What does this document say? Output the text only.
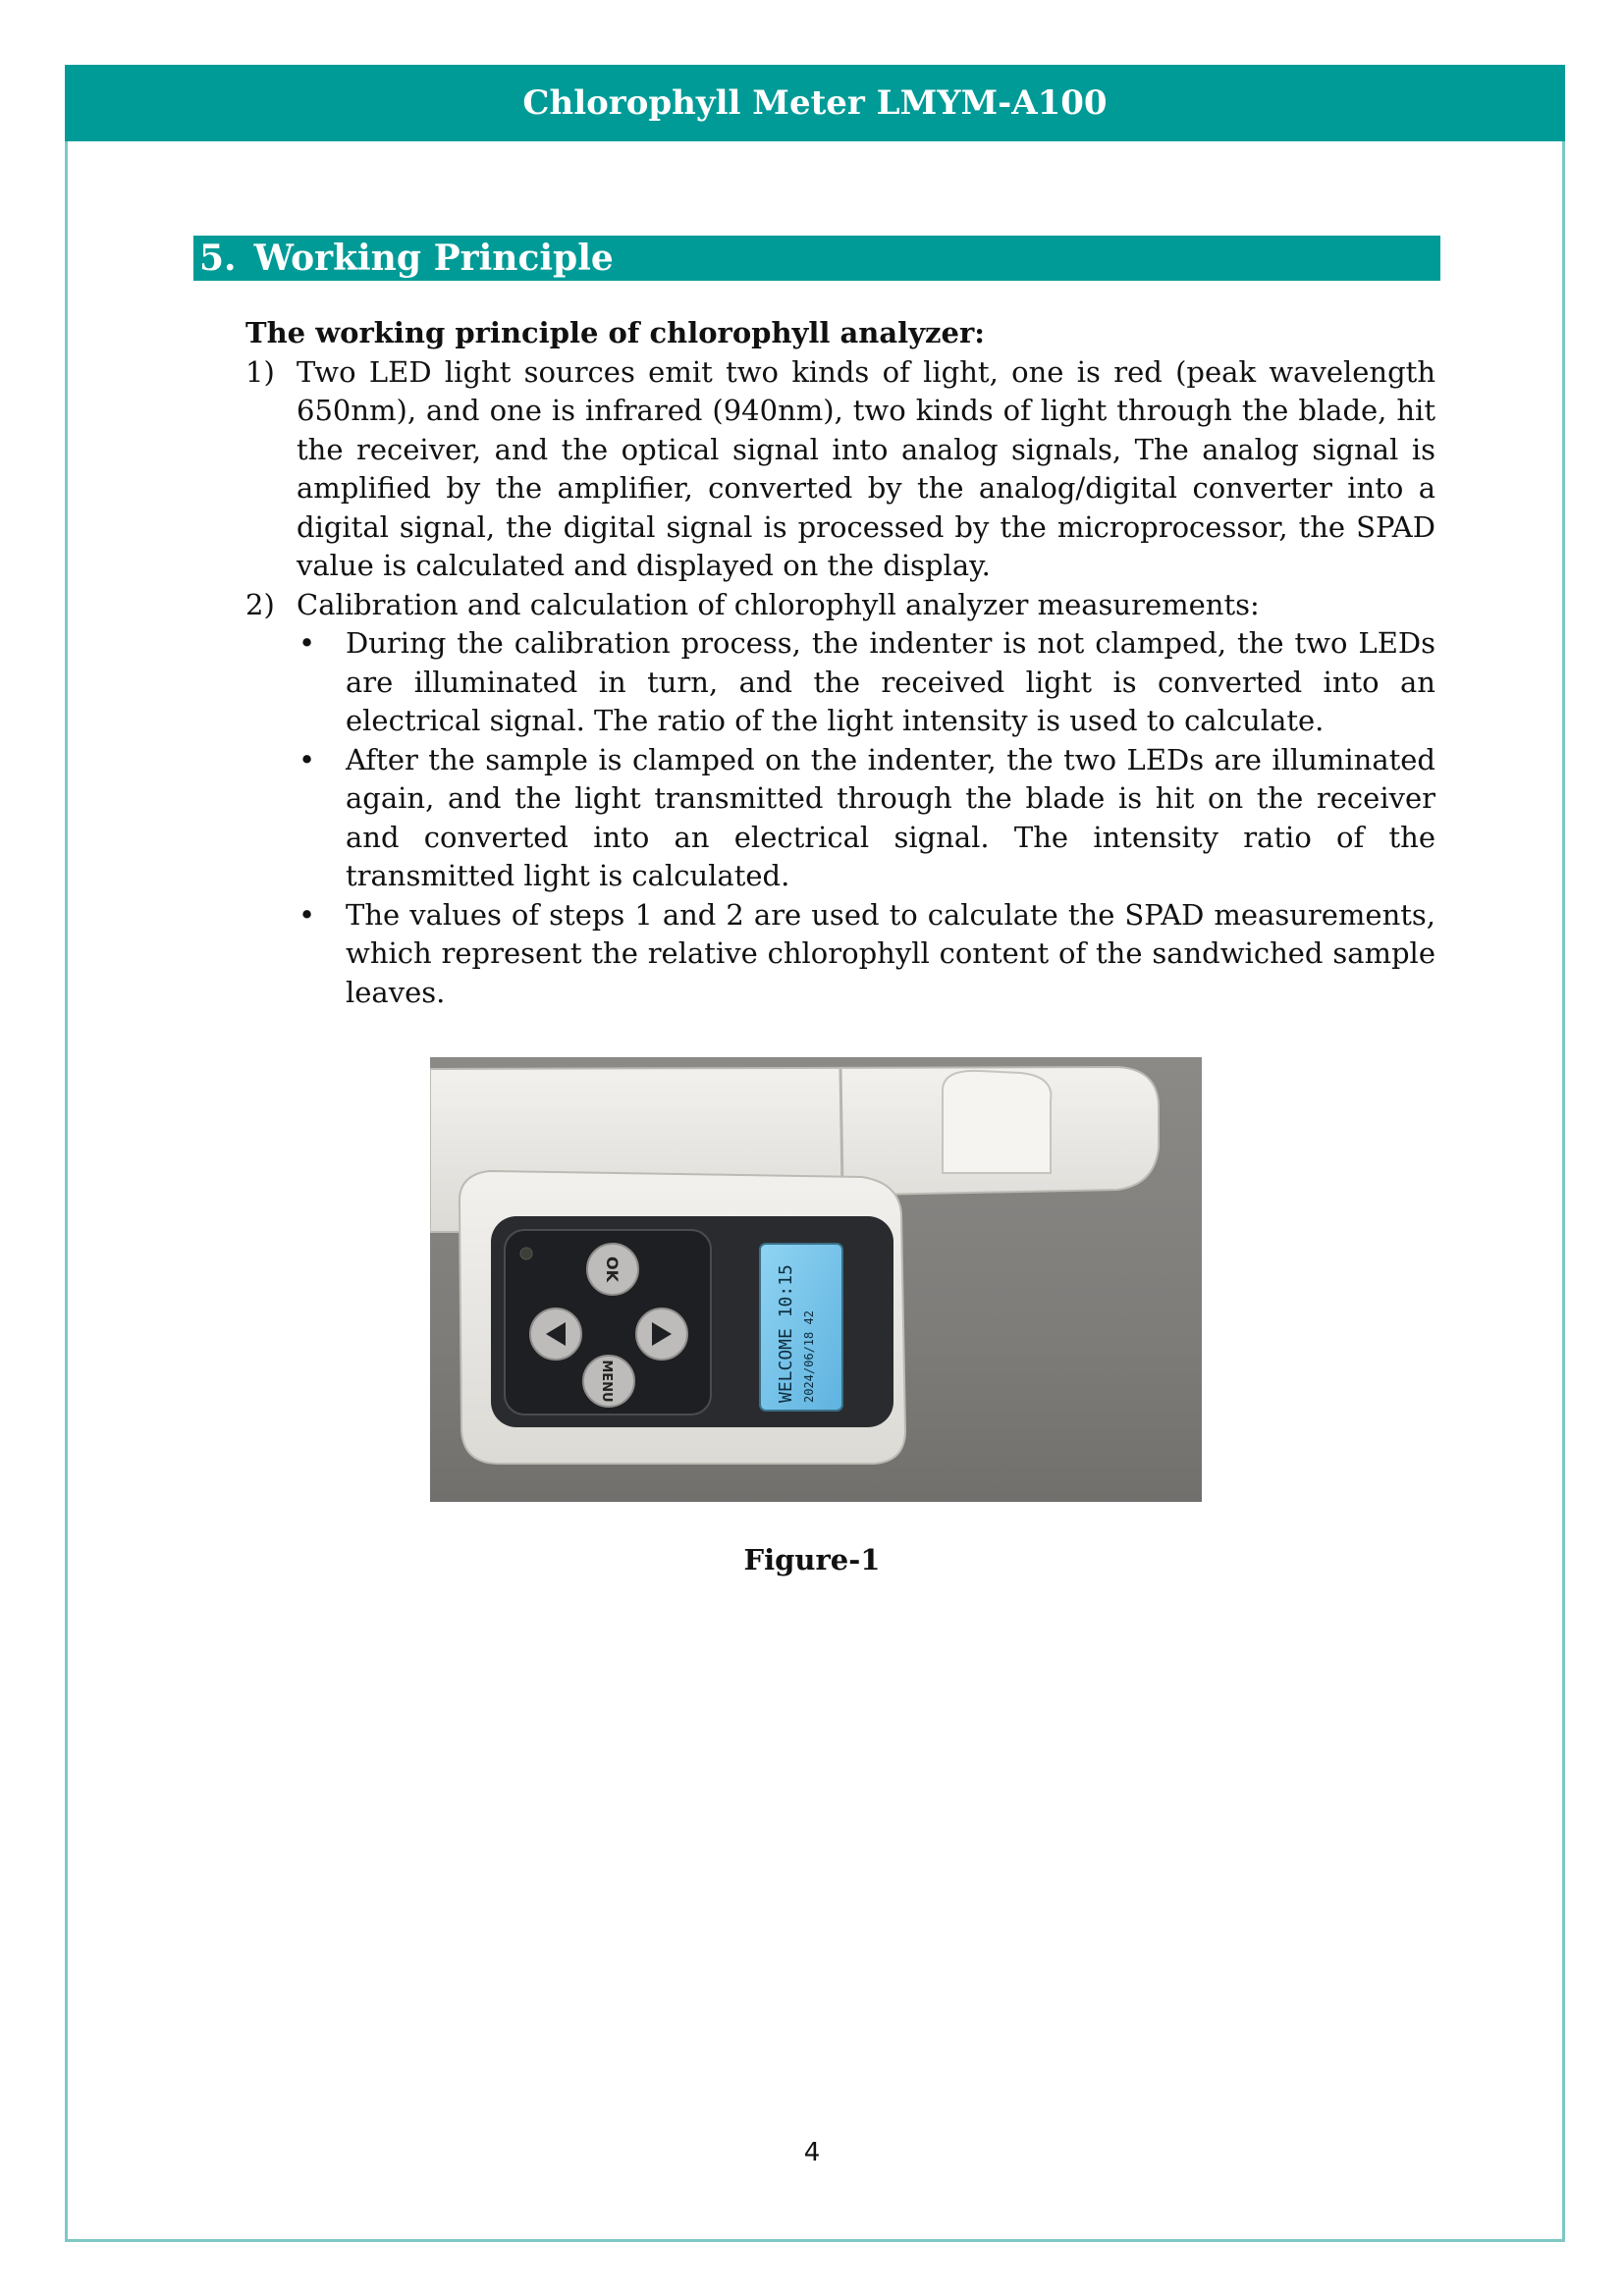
Chlorophyll Meter LMYM-A100
5. Working Principle

The working principle of chlorophyll analyzer:

1) Two LED light sources emit two kinds of light, one is red (peak wavelength 650nm), and one is infrared (940nm), two kinds of light through the blade, hit the receiver, and the optical signal into analog signals, The analog signal is amplified by the amplifier, converted by the analog/digital converter into a digital signal, the digital signal is processed by the microprocessor, the SPAD value is calculated and displayed on the display.
2) Calibration and calculation of chlorophyll analyzer measurements:
• During the calibration process, the indenter is not clamped, the two LEDs are illuminated in turn, and the received light is converted into an electrical signal. The ratio of the light intensity is used to calculate.
• After the sample is clamped on the indenter, the two LEDs are illuminated again, and the light transmitted through the blade is hit on the receiver and converted into an electrical signal. The intensity ratio of the transmitted light is calculated.
• The values of steps 1 and 2 are used to calculate the SPAD measurements, which represent the relative chlorophyll content of the sandwiched sample leaves.
OK
MENU	WELCOME 10:15 2024/06/18 42
Figure-1
4
